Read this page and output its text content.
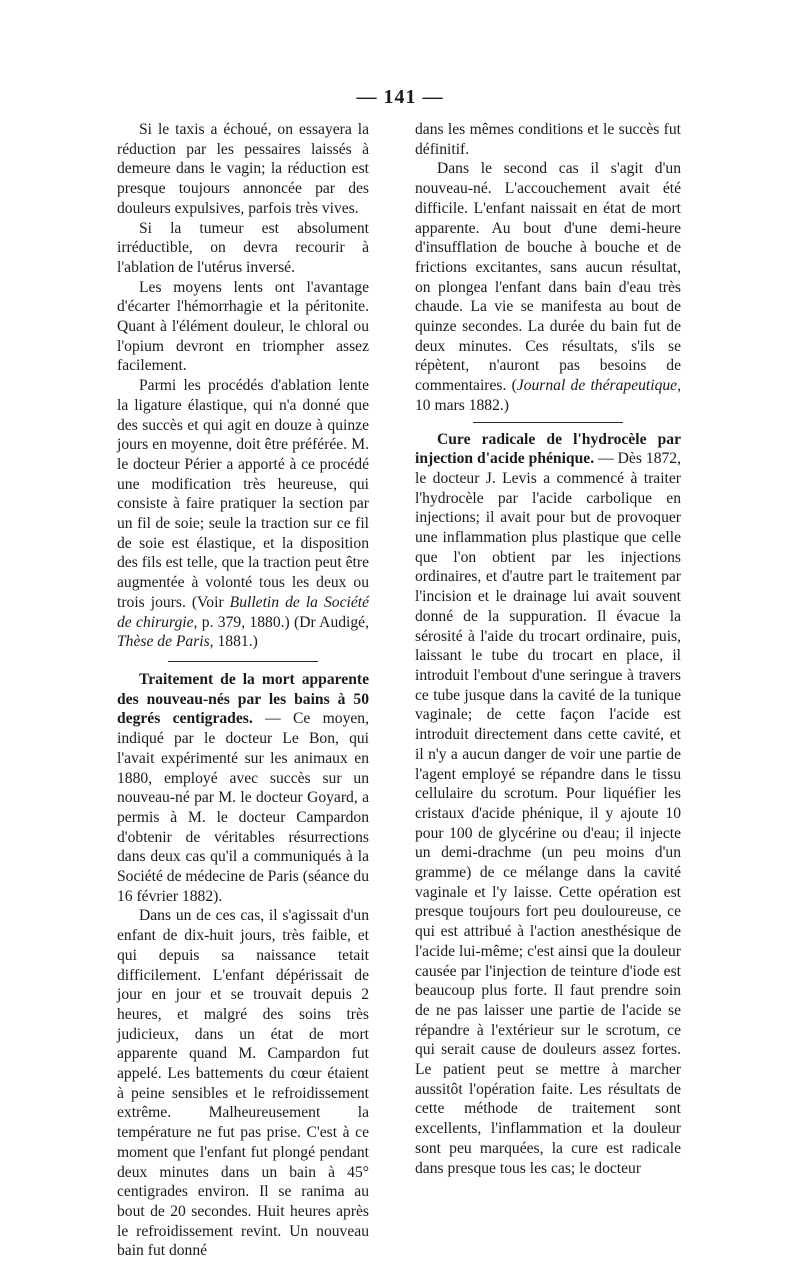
— 141 —

Si le taxis a échoué, on essayera la réduction par les pessaires laissés à demeure dans le vagin; la réduction est presque toujours annoncée par des douleurs expulsives, parfois très vives.

Si la tumeur est absolument irréductible, on devra recourir à l'ablation de l'utérus inversé.

Les moyens lents ont l'avantage d'écarter l'hémorrhagie et la péritonite. Quant à l'élément douleur, le chloral ou l'opium devront en triompher assez facilement.

Parmi les procédés d'ablation lente la ligature élastique, qui n'a donné que des succès et qui agit en douze à quinze jours en moyenne, doit être préférée. M. le docteur Périer a apporté à ce procédé une modification très heureuse, qui consiste à faire pratiquer la section par un fil de soie; seule la traction sur ce fil de soie est élastique, et la disposition des fils est telle, que la traction peut être augmentée à volonté tous les deux ou trois jours. (Voir Bulletin de la Société de chirurgie, p. 379, 1880.) (Dr Audigé, Thèse de Paris, 1881.)

Traitement de la mort apparente des nouveau-nés par les bains à 50 degrés centigrades. — Ce moyen, indiqué par le docteur Le Bon, qui l'avait expérimenté sur les animaux en 1880, employé avec succès sur un nouveau-né par M. le docteur Goyard, a permis à M. le docteur Campardon d'obtenir de véritables résurrections dans deux cas qu'il a communiqués à la Société de médecine de Paris (séance du 16 février 1882).

Dans un de ces cas, il s'agissait d'un enfant de dix-huit jours, très faible, et qui depuis sa naissance tetait difficilement. L'enfant dépérissait de jour en jour et se trouvait depuis 2 heures, et malgré des soins très judicieux, dans un état de mort apparente quand M. Campardon fut appelé. Les battements du cœur étaient à peine sensibles et le refroidissement extrême. Malheureusement la température ne fut pas prise. C'est à ce moment que l'enfant fut plongé pendant deux minutes dans un bain à 45° centigrades environ. Il se ranima au bout de 20 secondes. Huit heures après le refroidissement revint. Un nouveau bain fut donné

dans les mêmes conditions et le succès fut définitif.

Dans le second cas il s'agit d'un nouveau-né. L'accouchement avait été difficile. L'enfant naissait en état de mort apparente. Au bout d'une demi-heure d'insufflation de bouche à bouche et de frictions excitantes, sans aucun résultat, on plongea l'enfant dans bain d'eau très chaude. La vie se manifesta au bout de quinze secondes. La durée du bain fut de deux minutes. Ces résultats, s'ils se répètent, n'auront pas besoins de commentaires. (Journal de thérapeutique, 10 mars 1882.)

Cure radicale de l'hydrocèle par injection d'acide phénique. — Dès 1872, le docteur J. Levis a commencé à traiter l'hydrocèle par l'acide carbolique en injections; il avait pour but de provoquer une inflammation plus plastique que celle que l'on obtient par les injections ordinaires, et d'autre part le traitement par l'incision et le drainage lui avait souvent donné de la suppuration. Il évacue la sérosité à l'aide du trocart ordinaire, puis, laissant le tube du trocart en place, il introduit l'embout d'une seringue à travers ce tube jusque dans la cavité de la tunique vaginale; de cette façon l'acide est introduit directement dans cette cavité, et il n'y a aucun danger de voir une partie de l'agent employé se répandre dans le tissu cellulaire du scrotum. Pour liquéfier les cristaux d'acide phénique, il y ajoute 10 pour 100 de glycérine ou d'eau; il injecte un demi-drachme (un peu moins d'un gramme) de ce mélange dans la cavité vaginale et l'y laisse. Cette opération est presque toujours fort peu douloureuse, ce qui est attribué à l'action anesthésique de l'acide lui-même; c'est ainsi que la douleur causée par l'injection de teinture d'iode est beaucoup plus forte. Il faut prendre soin de ne pas laisser une partie de l'acide se répandre à l'extérieur sur le scrotum, ce qui serait cause de douleurs assez fortes. Le patient peut se mettre à marcher aussitôt l'opération faite. Les résultats de cette méthode de traitement sont excellents, l'inflammation et la douleur sont peu marquées, la cure est radicale dans presque tous les cas; le docteur
